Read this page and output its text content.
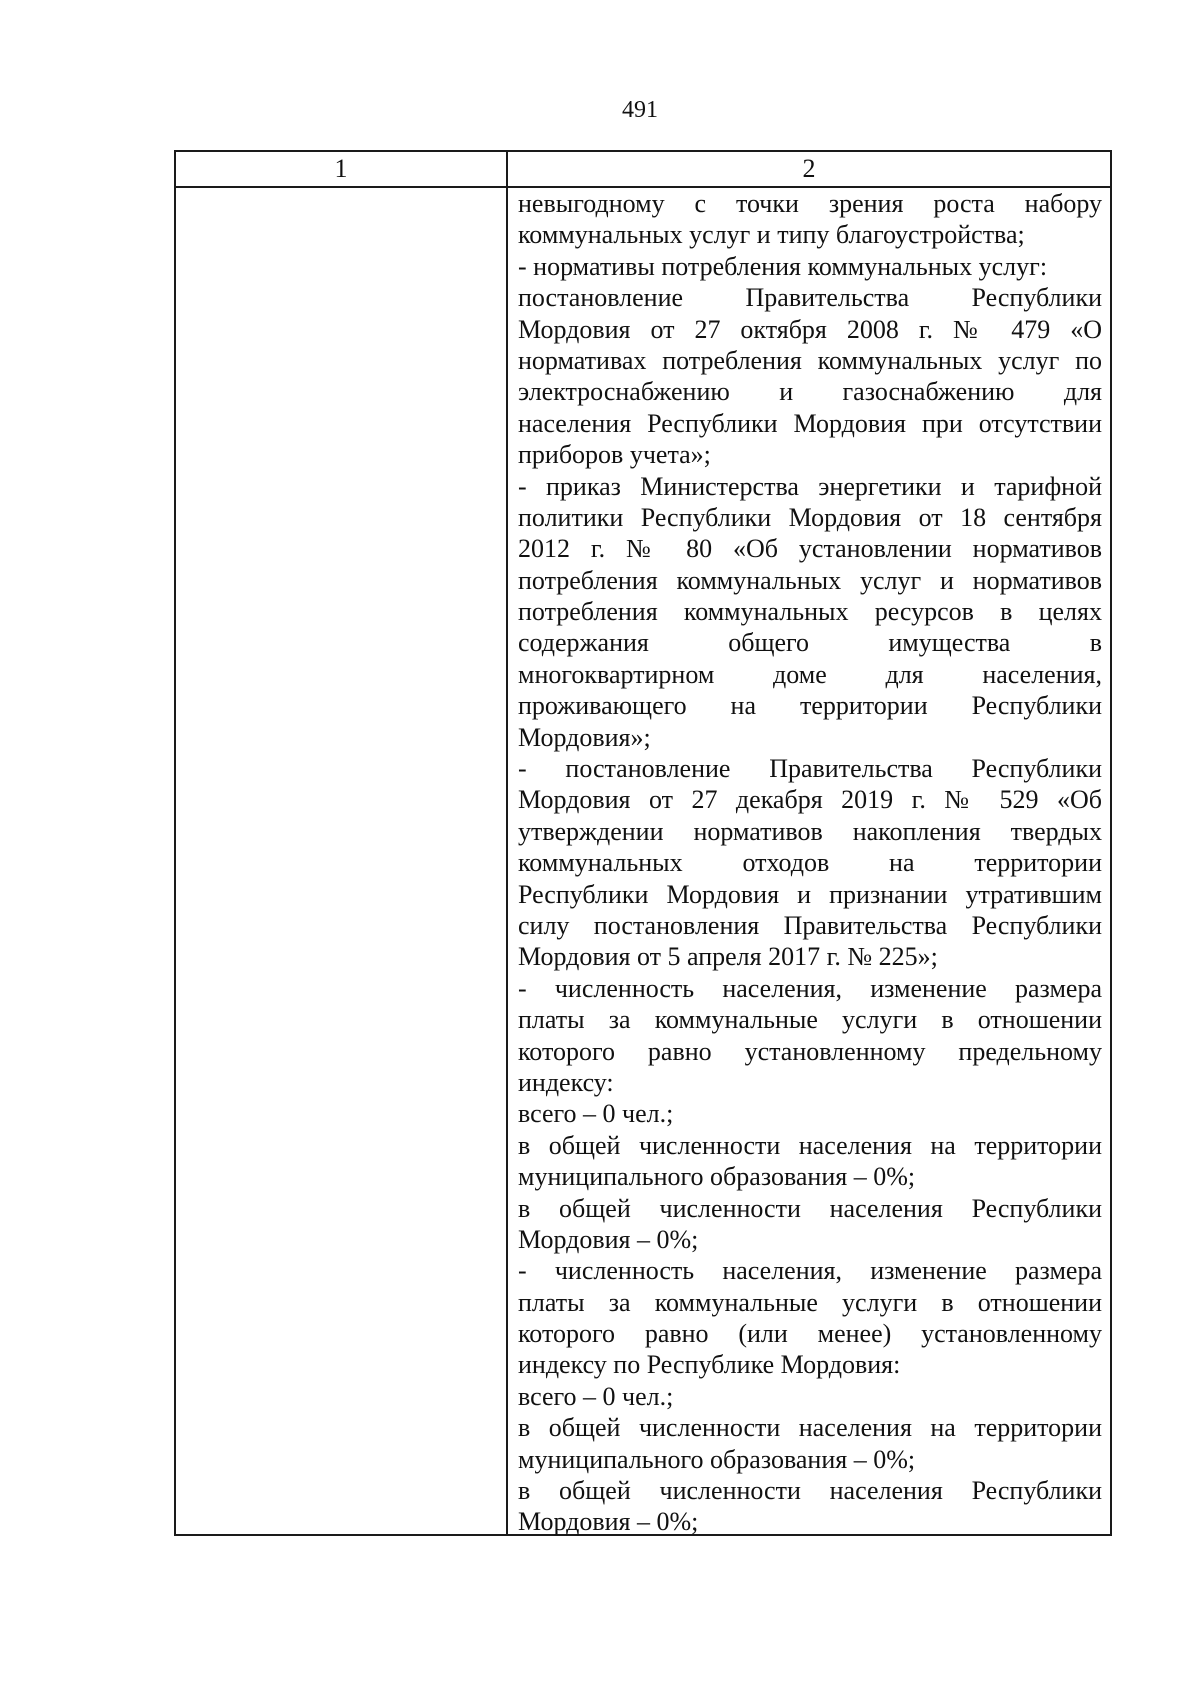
491
1	2
невыгодному с точки зрения роста набору
коммунальных услуг и типу благоустройства;
- нормативы потребления коммунальных услуг:
постановление Правительства Республики
Мордовия от 27 октября 2008 г. № 479 «О
нормативах потребления коммунальных услуг по
электроснабжению и газоснабжению для
населения Республики Мордовия при отсутствии
приборов учета»;
- приказ Министерства энергетики и тарифной
политики Республики Мордовия от 18 сентября
2012 г. № 80 «Об установлении нормативов
потребления коммунальных услуг и нормативов
потребления коммунальных ресурсов в целях
содержания общего имущества в
многоквартирном доме для населения,
проживающего на территории Республики
Мордовия»;
- постановление Правительства Республики
Мордовия от 27 декабря 2019 г. № 529 «Об
утверждении нормативов накопления твердых
коммунальных отходов на территории
Республики Мордовия и признании утратившим
силу постановления Правительства Республики
Мордовия от 5 апреля 2017 г. № 225»;
- численность населения, изменение размера
платы за коммунальные услуги в отношении
которого равно установленному предельному
индексу:
всего – 0 чел.;
в общей численности населения на территории
муниципального образования – 0%;
в общей численности населения Республики
Мордовия – 0%;
- численность населения, изменение размера
платы за коммунальные услуги в отношении
которого равно (или менее) установленному
индексу по Республике Мордовия:
всего – 0 чел.;
в общей численности населения на территории
муниципального образования – 0%;
в общей численности населения Республики
Мордовия – 0%;
